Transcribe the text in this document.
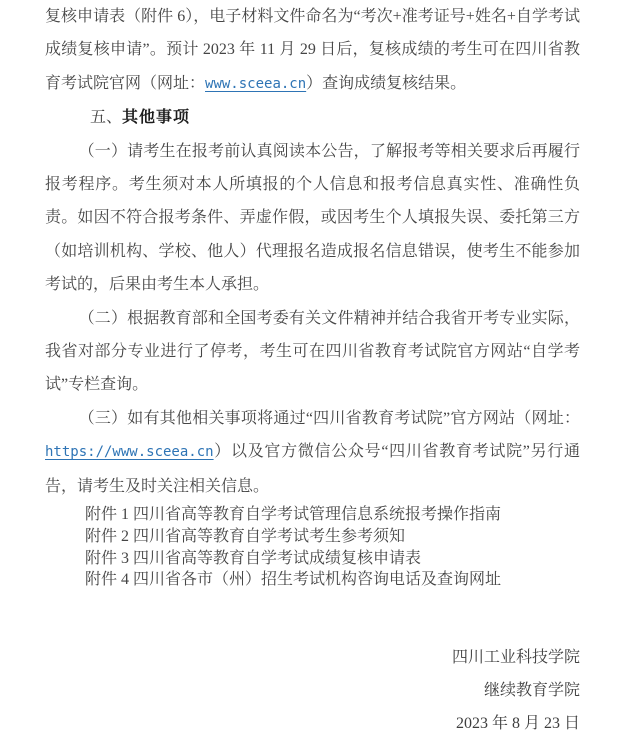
复核申请表（附件 6），电子材料文件命名为“考次+准考证号+姓名+自学考试成绩复核申请”。预计 2023 年 11 月 29 日后，复核成绩的考生可在四川省教育考试院官网（网址：www.sceea.cn）查询成绩复核结果。

五、其他事项

（一）请考生在报考前认真阅读本公告，了解报考等相关要求后再履行报考程序。考生须对本人所填报的个人信息和报考信息真实性、准确性负责。如因不符合报考条件、弄虚作假，或因考生个人填报失误、委托第三方（如培训机构、学校、他人）代理报名造成报名信息错误，使考生不能参加考试的，后果由考生本人承担。

（二）根据教育部和全国考委有关文件精神并结合我省开考专业实际，我省对部分专业进行了停考，考生可在四川省教育考试院官方网站“自学考试”专栏查询。

（三）如有其他相关事项将通过“四川省教育考试院”官方网站（网址：https://www.sceea.cn）以及官方微信公众号“四川省教育考试院”另行通告，请考生及时关注相关信息。

附件 1 四川省高等教育自学考试管理信息系统报考操作指南
附件 2 四川省高等教育自学考试考生参考须知
附件 3 四川省高等教育自学考试成绩复核申请表
附件 4 四川省各市（州）招生考试机构咨询电话及查询网址

四川工业科技学院

继续教育学院

2023 年 8 月 23 日
